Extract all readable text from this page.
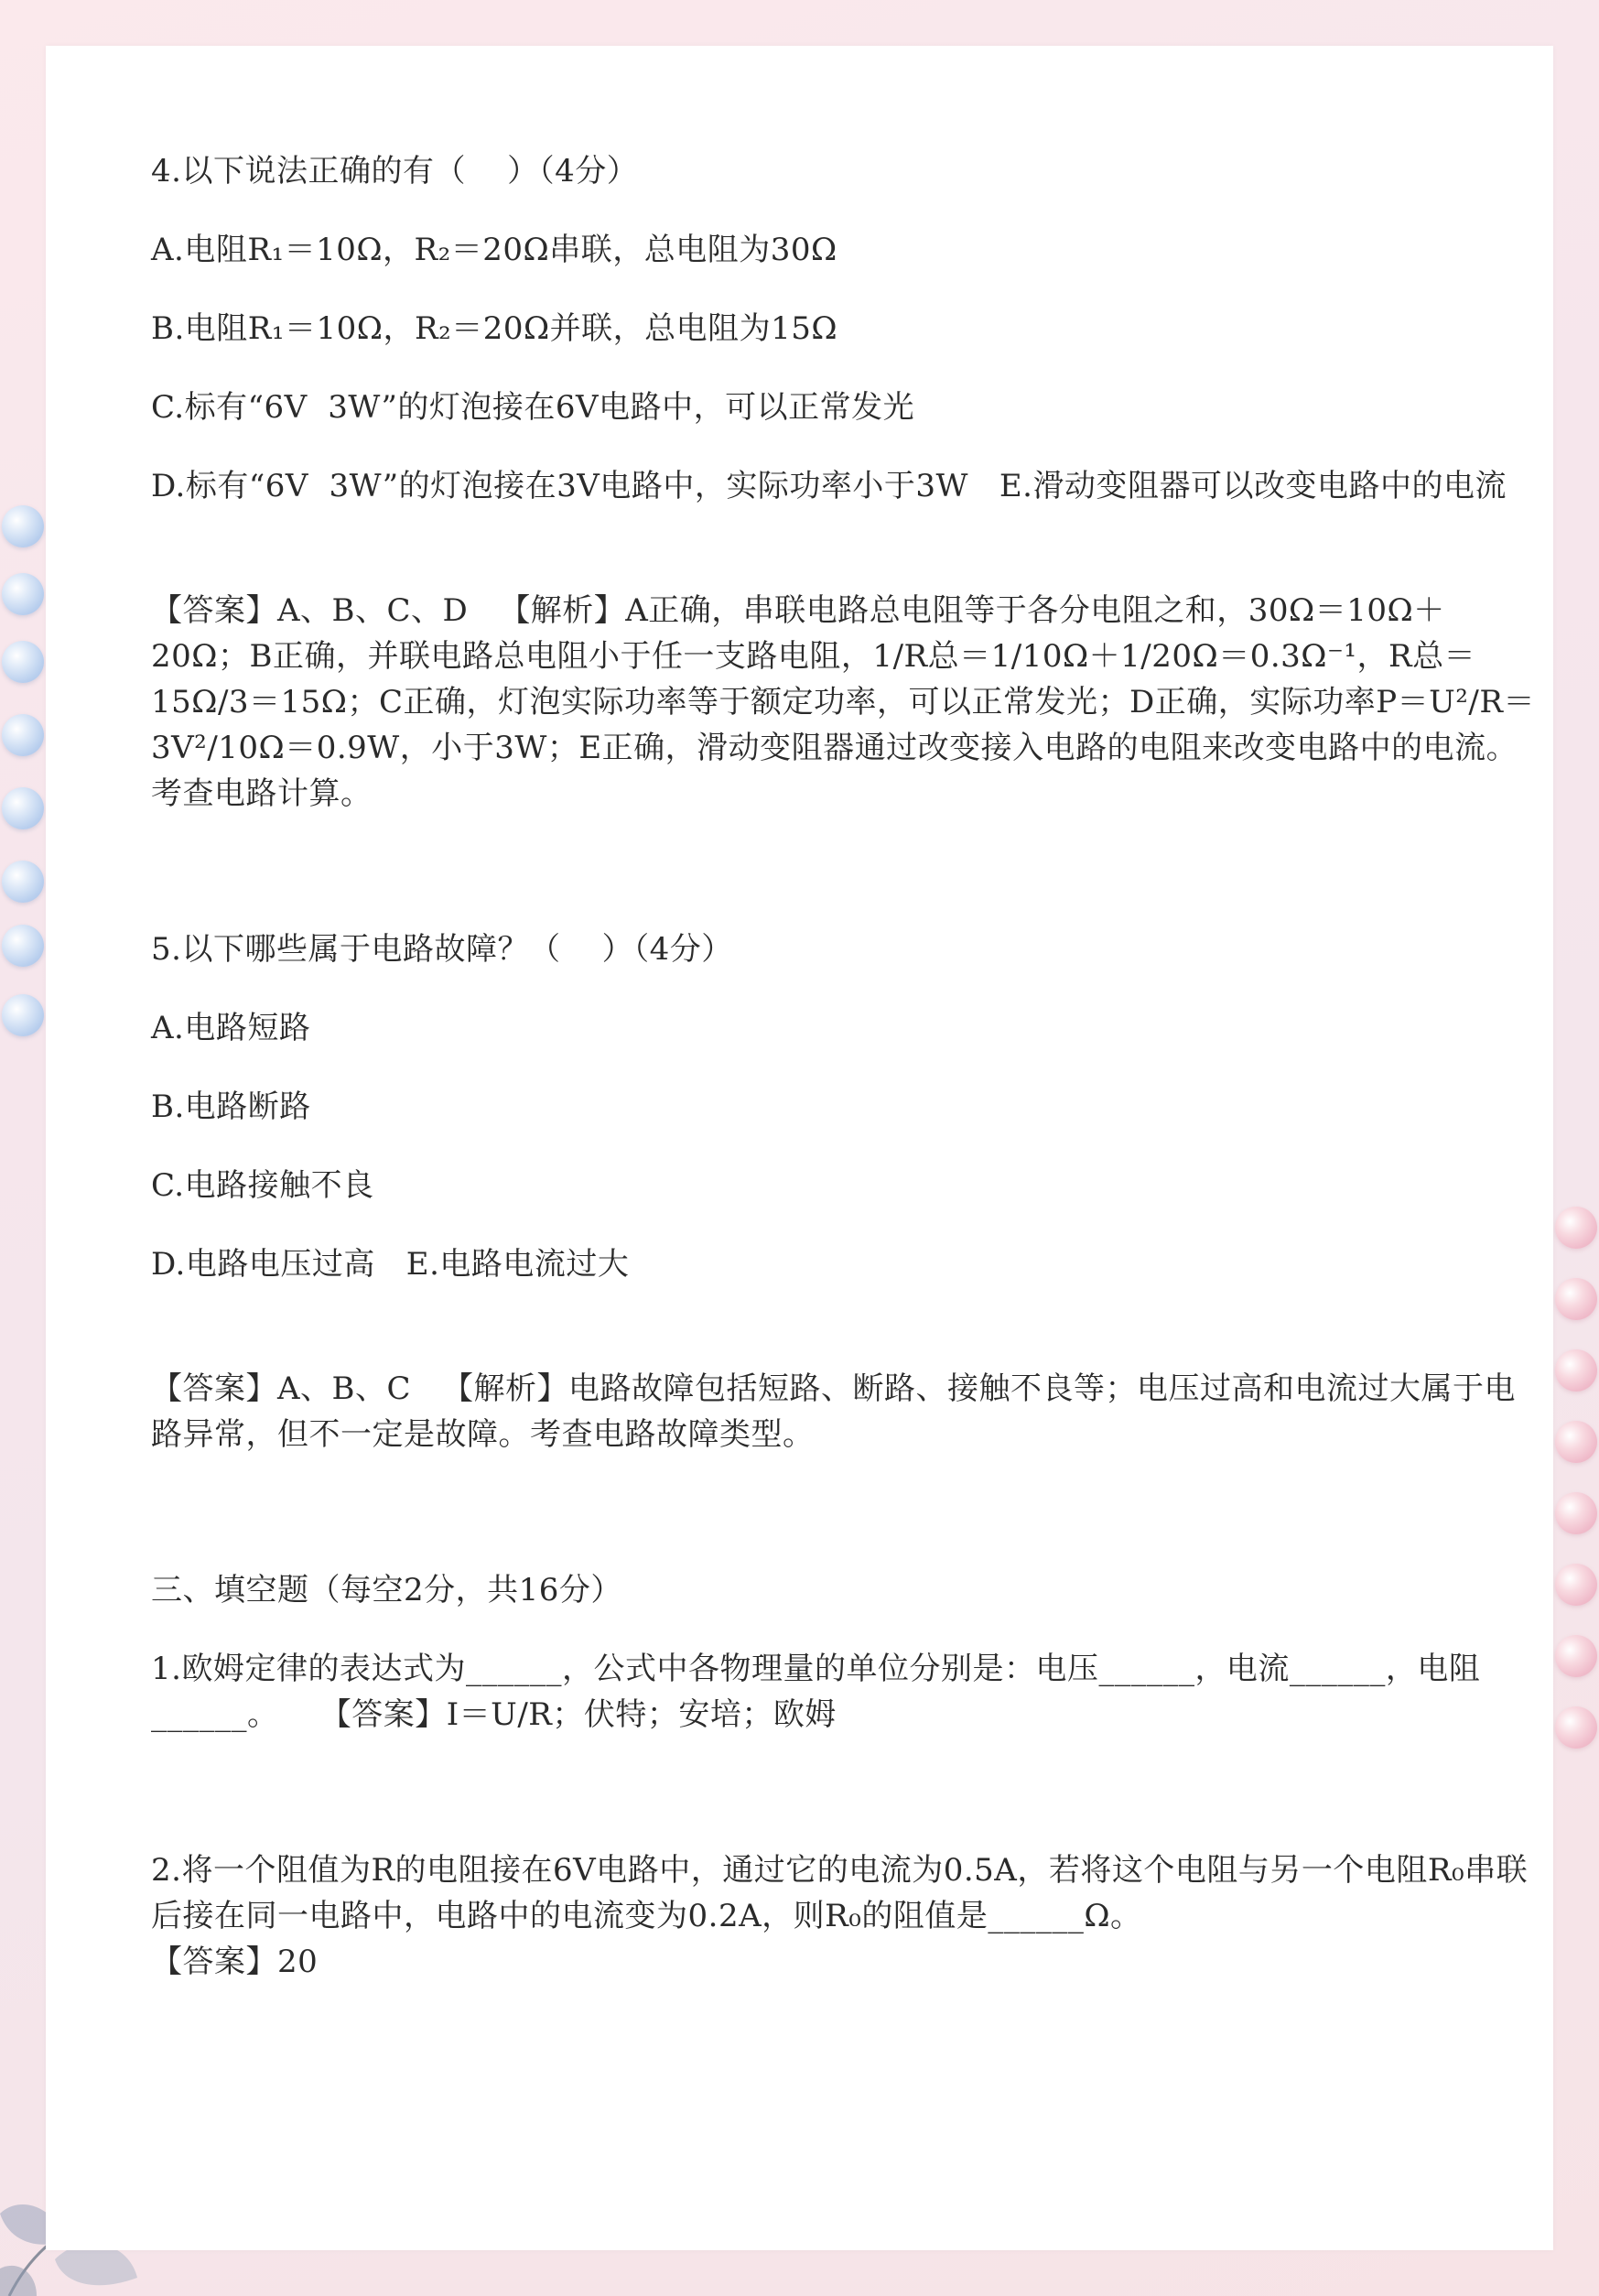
4.以下说法正确的有（    ）（4分）

A.电阻R₁＝10Ω，R₂＝20Ω串联，总电阻为30Ω

B.电阻R₁＝10Ω，R₂＝20Ω并联，总电阻为15Ω

C.标有“6V  3W”的灯泡接在6V电路中，可以正常发光

D.标有“6V  3W”的灯泡接在3V电路中，实际功率小于3W   E.滑动变阻器可以改变电路中的电流

【答案】A、B、C、D   【解析】A正确，串联电路总电阻等于各分电阻之和，30Ω＝10Ω＋20Ω；B正确，并联电路总电阻小于任一支路电阻，1/R总＝1/10Ω＋1/20Ω＝0.3Ω⁻¹，R总＝15Ω/3＝15Ω；C正确，灯泡实际功率等于额定功率，可以正常发光；D正确，实际功率P＝U²/R＝3V²/10Ω＝0.9W，小于3W；E正确，滑动变阻器通过改变接入电路的电阻来改变电路中的电流。考查电路计算。

5.以下哪些属于电路故障？（    ）（4分）

A.电路短路

B.电路断路

C.电路接触不良

D.电路电压过高   E.电路电流过大

【答案】A、B、C   【解析】电路故障包括短路、断路、接触不良等；电压过高和电流过大属于电路异常，但不一定是故障。考查电路故障类型。

三、填空题（每空2分，共16分）

1.欧姆定律的表达式为______，公式中各物理量的单位分别是：电压______，电流______，电阻______。    【答案】I＝U/R；伏特；安培；欧姆

2.将一个阻值为R的电阻接在6V电路中，通过它的电流为0.5A，若将这个电阻与另一个电阻R₀串联后接在同一电路中，电路中的电流变为0.2A，则R₀的阻值是______Ω。

【答案】20
